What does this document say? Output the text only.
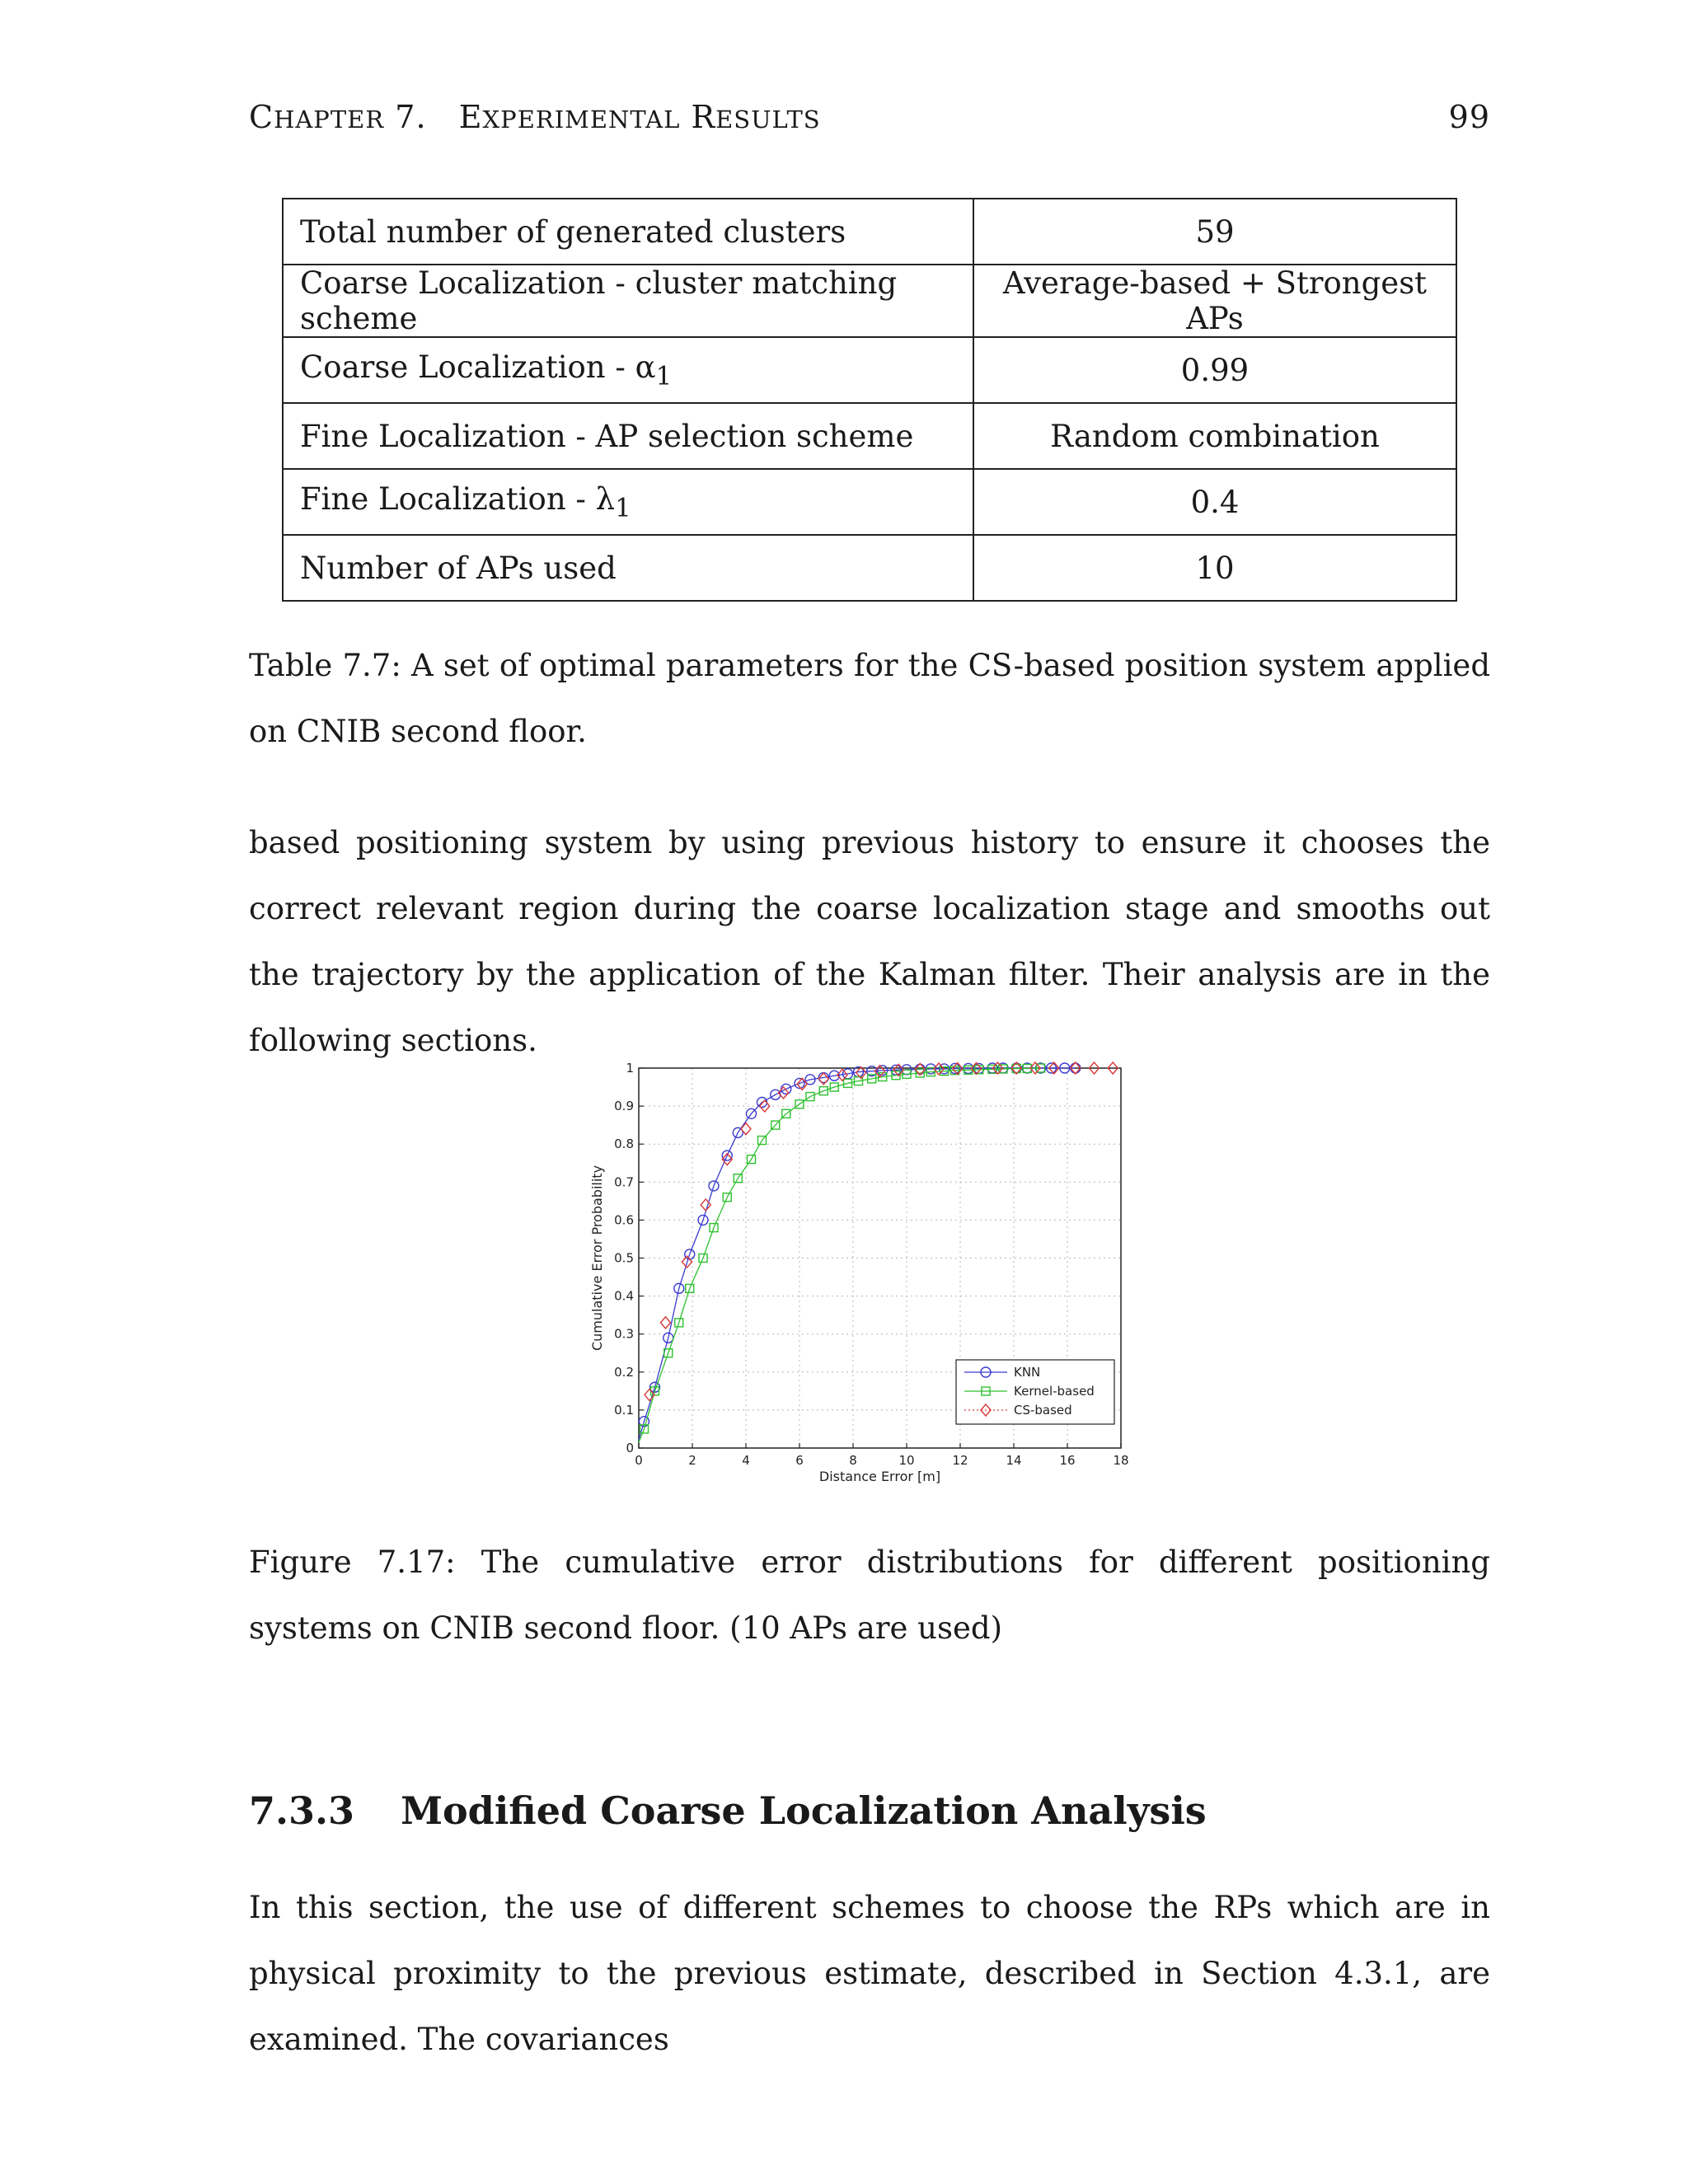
CHAPTER 7. EXPERIMENTAL RESULTS	99
Total number of generated clusters	59
Coarse Localization - cluster matching scheme	Average-based + Strongest APs
Coarse Localization - $\alpha_1$	0.99
Fine Localization - AP selection scheme	Random combination
Fine Localization - $\lambda_1$	0.4
Number of APs used	10
Table 7.7: A set of optimal parameters for the CS-based position system applied on CNIB second floor.
based positioning system by using previous history to ensure it chooses the correct relevant region during the coarse localization stage and smooths out the trajectory by the application of the Kalman filter. Their analysis are in the following sections.
0	2	4	6	8	10	12	14	16	18
0
0.1
0.2
0.3
0.4
0.5
0.6
0.7
0.8
0.9
1
Distance Error [m]
Cumulative Error Probability
KNN
Kernel-based
CS-based
Figure 7.17: The cumulative error distributions for different positioning systems on CNIB second floor. (10 APs are used)
7.3.3 Modified Coarse Localization Analysis
In this section, the use of different schemes to choose the RPs which are in physical proximity to the previous estimate, described in Section 4.3.1, are examined. The covariances
